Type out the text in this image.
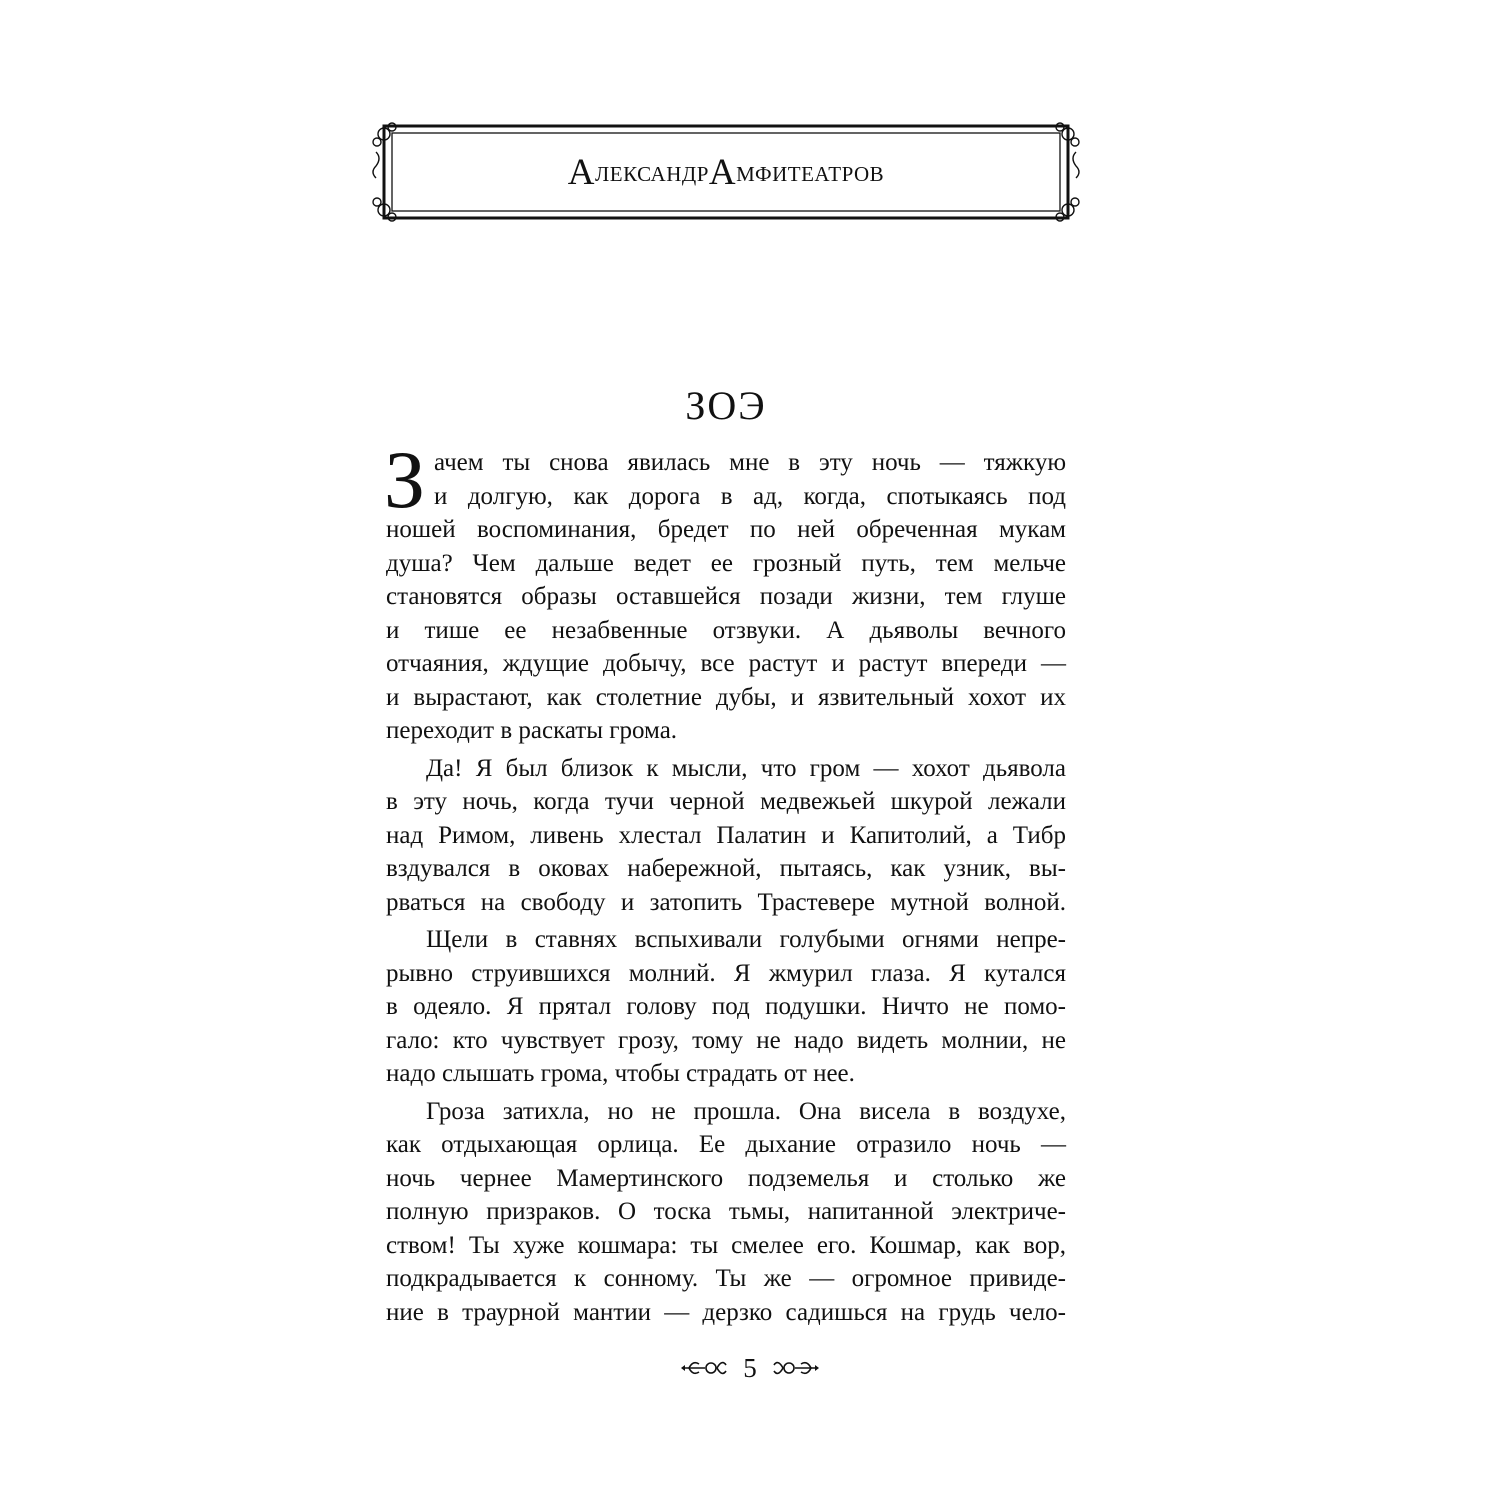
А лександр А мфитеатров
ЗОЭ
З ачем ты снова явилась мне в эту ночь — тяжкую
и долгую, как дорога в ад, когда, спотыкаясь под
ношей воспоминания, бредет по ней обреченная мукам
душа? Чем дальше ведет ее грозный путь, тем мельче
становятся образы оставшейся позади жизни, тем глуше
и тише ее незабвенные отзвуки. А дьяволы вечного
отчаяния, ждущие добычу, все растут и растут впереди —
и вырастают, как столетние дубы, и язвительный хохот их
переходит в раскаты грома.
Да! Я был близок к мысли, что гром — хохот дьявола
в эту ночь, когда тучи черной медвежьей шкурой лежали
над Римом, ливень хлестал Палатин и Капитолий, а Тибр
вздувался в оковах набережной, пытаясь, как узник, вы-
рваться на свободу и затопить Трастевере мутной волной.
Щели в ставнях вспыхивали голубыми огнями непре-
рывно струившихся молний. Я жмурил глаза. Я кутался
в одеяло. Я прятал голову под подушки. Ничто не помо-
гало: кто чувствует грозу, тому не надо видеть молнии, не
надо слышать грома, чтобы страдать от нее.
Гроза затихла, но не прошла. Она висела в воздухе,
как отдыхающая орлица. Ее дыхание отразило ночь —
ночь чернее Мамертинского подземелья и столько же
полную призраков. О тоска тьмы, напитанной электриче-
ством! Ты хуже кошмара: ты смелее его. Кошмар, как вор,
подкрадывается к сонному. Ты же — огромное привиде-
ние в траурной мантии — дерзко садишься на грудь чело-
5
